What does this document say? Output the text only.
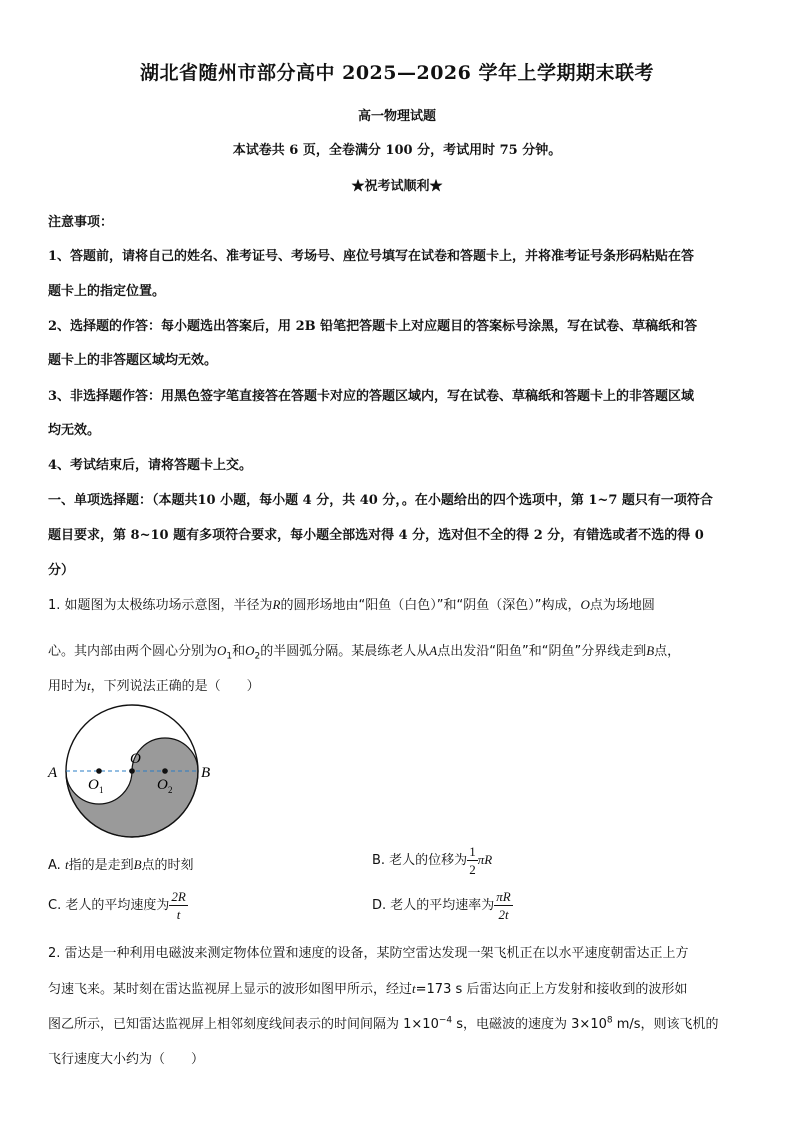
湖北省随州市部分高中 2025—2026 学年上学期期末联考
高一物理试题
本试卷共 6 页，全卷满分 100 分，考试用时 75 分钟。
★祝考试顺利★
注意事项：
1、答题前，请将自己的姓名、准考证号、考场号、座位号填写在试卷和答题卡上，并将准考证号条形码粘贴在答
题卡上的指定位置。
2、选择题的作答：每小题选出答案后，用 2B 铅笔把答题卡上对应题目的答案标号涂黑，写在试卷、草稿纸和答
题卡上的非答题区域均无效。
3、非选择题作答：用黑色签字笔直接答在答题卡对应的答题区域内，写在试卷、草稿纸和答题卡上的非答题区域
均无效。
4、考试结束后，请将答题卡上交。
一、单项选择题：（本题共10 小题，每小题 4 分，共 40 分，。在小题给出的四个选项中，第 1~7 题只有一项符合
题目要求，第 8~10 题有多项符合要求，每小题全部选对得 4 分，选对但不全的得 2 分，有错选或者不选的得 0
分）
1. 如题图为太极练功场示意图，半径为R的圆形场地由“阳鱼（白色）”和“阴鱼（深色）”构成，O点为场地圆
心。其内部由两个圆心分别为$O_1$和$O_2$的半圆弧分隔。某晨练老人从A点出发沿“阳鱼”和“阴鱼”分界线走到B点，
用时为t，下列说法正确的是（　　）
A	B
O
O 1	O 2
A. t指的是走到B点的时刻	B. 老人的位移为 $\frac{1}{2}$ πR
C. 老人的平均速度为 $\frac{2R}{t}$	D. 老人的平均速率为 $\frac{\pi R}{2t}$
2. 雷达是一种利用电磁波来测定物体位置和速度的设备，某防空雷达发现一架飞机正在以水平速度朝雷达正上方
匀速飞来。某时刻在雷达监视屏上显示的波形如图甲所示，经过t=173 s 后雷达向正上方发射和接收到的波形如
图乙所示，已知雷达监视屏上相邻刻度线间表示的时间间隔为 $1\times 10^{-4}$ s，电磁波的速度为 $3\times 10^8$ m/s，则该飞机的
飞行速度大小约为（　　）
